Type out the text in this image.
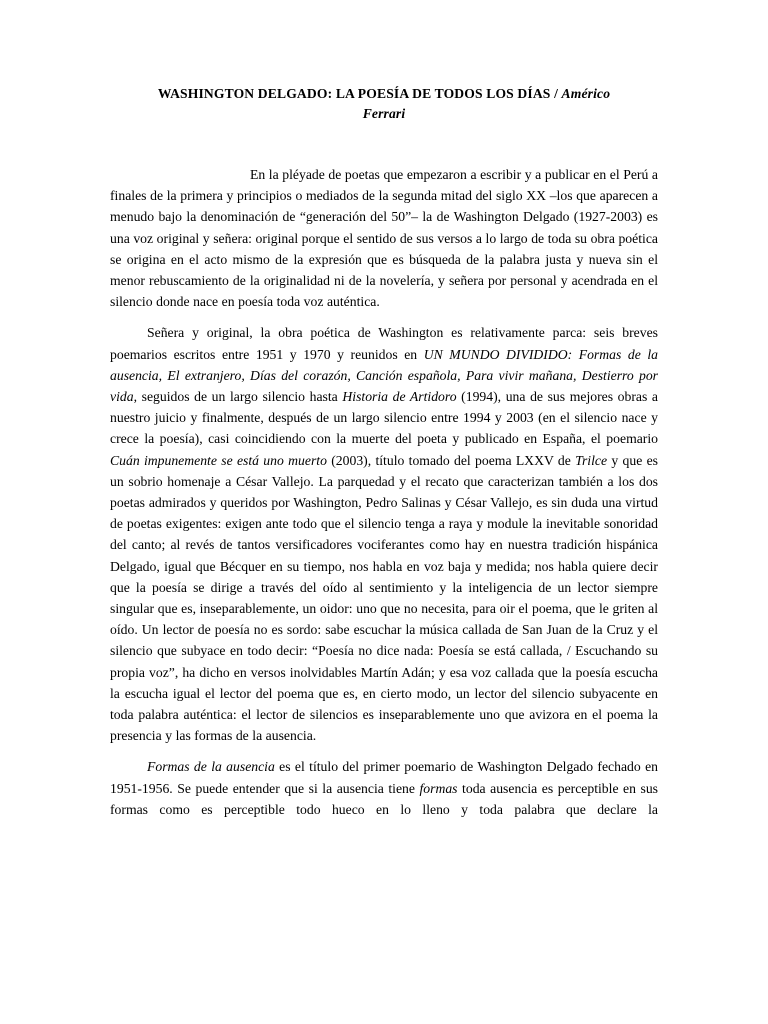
WASHINGTON DELGADO: LA POESÍA DE TODOS LOS DÍAS / Américo
Ferrari

En la pléyade de poetas que empezaron a escribir y a publicar en el Perú a finales de la primera y principios o mediados de la segunda mitad del siglo XX –los que aparecen a menudo bajo la denominación de “generación del 50”– la de Washington Delgado (1927-2003) es una voz original y señera: original porque el sentido de sus versos a lo largo de toda su obra poética se origina en el acto mismo de la expresión que es búsqueda de la palabra justa y nueva sin el menor rebuscamiento de la originalidad ni de la novelería, y señera por personal y acendrada en el silencio donde nace en poesía toda voz auténtica.

Señera y original, la obra poética de Washington es relativamente parca: seis breves poemarios escritos entre 1951 y 1970 y reunidos en UN MUNDO DIVIDIDO: Formas de la ausencia, El extranjero, Días del corazón, Canción española, Para vivir mañana, Destierro por vida, seguidos de un largo silencio hasta Historia de Artidoro (1994), una de sus mejores obras a nuestro juicio y finalmente, después de un largo silencio entre 1994 y 2003 (en el silencio nace y crece la poesía), casi coincidiendo con la muerte del poeta y publicado en España, el poemario Cuán impunemente se está uno muerto (2003), título tomado del poema LXXV de Trilce y que es un sobrio homenaje a César Vallejo. La parquedad y el recato que caracterizan también a los dos poetas admirados y queridos por Washington, Pedro Salinas y César Vallejo, es sin duda una virtud de poetas exigentes: exigen ante todo que el silencio tenga a raya y module la inevitable sonoridad del canto; al revés de tantos versificadores vociferantes como hay en nuestra tradición hispánica Delgado, igual que Bécquer en su tiempo, nos habla en voz baja y medida; nos habla quiere decir que la poesía se dirige a través del oído al sentimiento y la inteligencia de un lector siempre singular que es, inseparablemente, un oidor: uno que no necesita, para oir el poema, que le griten al oído. Un lector de poesía no es sordo: sabe escuchar la música callada de San Juan de la Cruz y el silencio que subyace en todo decir: “Poesía no dice nada: Poesía se está callada, / Escuchando su propia voz”, ha dicho en versos inolvidables Martín Adán; y esa voz callada que la poesía escucha la escucha igual el lector del poema que es, en cierto modo, un lector del silencio subyacente en toda palabra auténtica: el lector de silencios es inseparablemente uno que avizora en el poema la presencia y las formas de la ausencia.

Formas de la ausencia es el título del primer poemario de Washington Delgado fechado en 1951-1956. Se puede entender que si la ausencia tiene formas toda ausencia es perceptible en sus formas como es perceptible todo hueco en lo lleno y toda palabra que declare la
